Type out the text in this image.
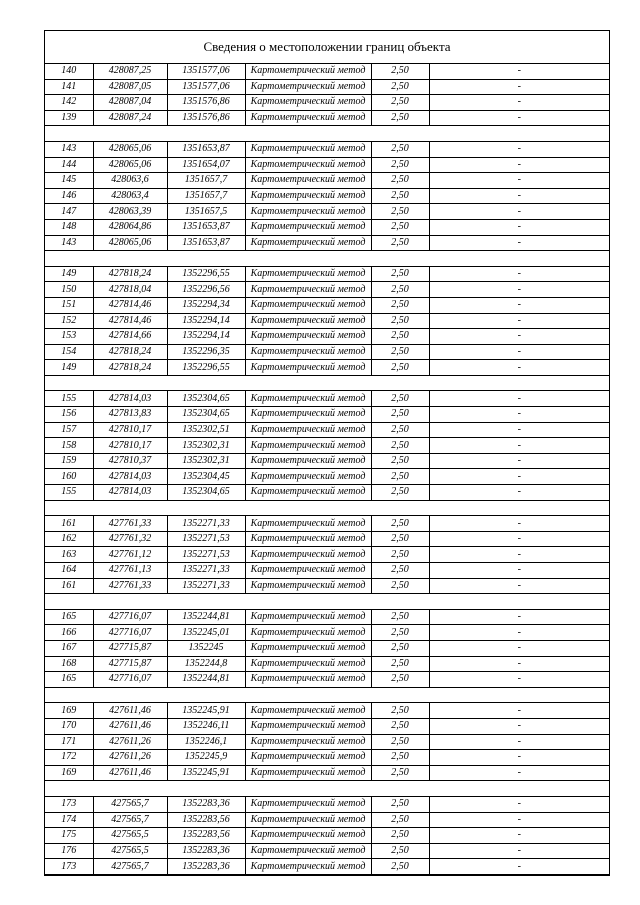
Сведения о местоположении границ объекта
140	428087,25	1351577,06	Картометрический метод	2,50	-
141	428087,05	1351577,06	Картометрический метод	2,50	-
142	428087,04	1351576,86	Картометрический метод	2,50	-
139	428087,24	1351576,86	Картометрический метод	2,50	-

143	428065,06	1351653,87	Картометрический метод	2,50	-
144	428065,06	1351654,07	Картометрический метод	2,50	-
145	428063,6	1351657,7	Картометрический метод	2,50	-
146	428063,4	1351657,7	Картометрический метод	2,50	-
147	428063,39	1351657,5	Картометрический метод	2,50	-
148	428064,86	1351653,87	Картометрический метод	2,50	-
143	428065,06	1351653,87	Картометрический метод	2,50	-

149	427818,24	1352296,55	Картометрический метод	2,50	-
150	427818,04	1352296,56	Картометрический метод	2,50	-
151	427814,46	1352294,34	Картометрический метод	2,50	-
152	427814,46	1352294,14	Картометрический метод	2,50	-
153	427814,66	1352294,14	Картометрический метод	2,50	-
154	427818,24	1352296,35	Картометрический метод	2,50	-
149	427818,24	1352296,55	Картометрический метод	2,50	-

155	427814,03	1352304,65	Картометрический метод	2,50	-
156	427813,83	1352304,65	Картометрический метод	2,50	-
157	427810,17	1352302,51	Картометрический метод	2,50	-
158	427810,17	1352302,31	Картометрический метод	2,50	-
159	427810,37	1352302,31	Картометрический метод	2,50	-
160	427814,03	1352304,45	Картометрический метод	2,50	-
155	427814,03	1352304,65	Картометрический метод	2,50	-

161	427761,33	1352271,33	Картометрический метод	2,50	-
162	427761,32	1352271,53	Картометрический метод	2,50	-
163	427761,12	1352271,53	Картометрический метод	2,50	-
164	427761,13	1352271,33	Картометрический метод	2,50	-
161	427761,33	1352271,33	Картометрический метод	2,50	-

165	427716,07	1352244,81	Картометрический метод	2,50	-
166	427716,07	1352245,01	Картометрический метод	2,50	-
167	427715,87	1352245	Картометрический метод	2,50	-
168	427715,87	1352244,8	Картометрический метод	2,50	-
165	427716,07	1352244,81	Картометрический метод	2,50	-

169	427611,46	1352245,91	Картометрический метод	2,50	-
170	427611,46	1352246,11	Картометрический метод	2,50	-
171	427611,26	1352246,1	Картометрический метод	2,50	-
172	427611,26	1352245,9	Картометрический метод	2,50	-
169	427611,46	1352245,91	Картометрический метод	2,50	-

173	427565,7	1352283,36	Картометрический метод	2,50	-
174	427565,7	1352283,56	Картометрический метод	2,50	-
175	427565,5	1352283,56	Картометрический метод	2,50	-
176	427565,5	1352283,36	Картометрический метод	2,50	-
173	427565,7	1352283,36	Картометрический метод	2,50	-
